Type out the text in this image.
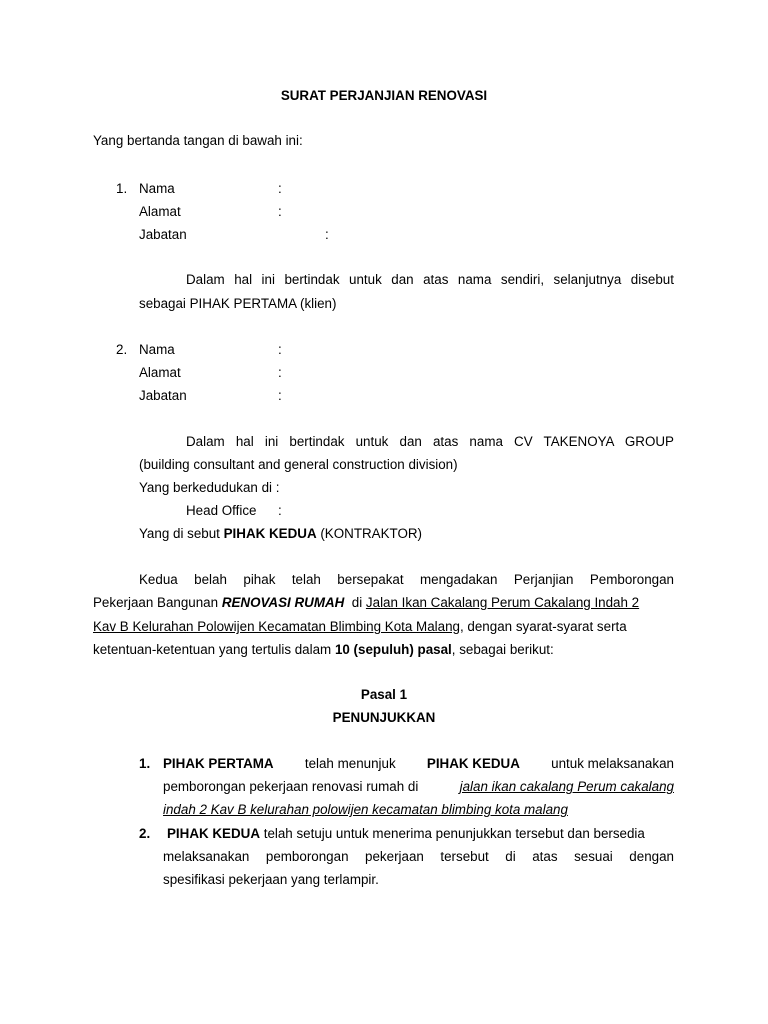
SURAT PERJANJIAN RENOVASI
Yang bertanda tangan di bawah ini:
1. Nama	:
Alamat	:
Jabatan	:
Dalam hal ini bertindak untuk dan atas nama sendiri, selanjutnya disebut
sebagai PIHAK PERTAMA (klien)
2. Nama	:
Alamat	:
Jabatan	:
Dalam hal ini bertindak untuk dan atas nama CV TAKENOYA GROUP
(building consultant and general construction division)
Yang berkedudukan di :
Head Office :
Yang di sebut PIHAK KEDUA (KONTRAKTOR)
Kedua belah pihak telah bersepakat mengadakan Perjanjian Pemborongan
Pekerjaan Bangunan RENOVASI RUMAH  di Jalan Ikan Cakalang Perum Cakalang Indah 2
Kav B Kelurahan Polowijen Kecamatan Blimbing Kota Malang, dengan syarat-syarat serta
ketentuan-ketentuan yang tertulis dalam 10 (sepuluh) pasal, sebagai berikut:
Pasal 1
PENUNJUKKAN
1. PIHAK PERTAMA telah menunjuk PIHAK KEDUA untuk melaksanakan
pemborongan pekerjaan renovasi rumah di	jalan ikan cakalang Perum cakalang
indah 2 Kav B kelurahan polowijen kecamatan blimbing kota malang
2. PIHAK KEDUA telah setuju untuk menerima penunjukkan tersebut dan bersedia
melaksanakan pemborongan pekerjaan tersebut di atas sesuai dengan
spesifikasi pekerjaan yang terlampir.
